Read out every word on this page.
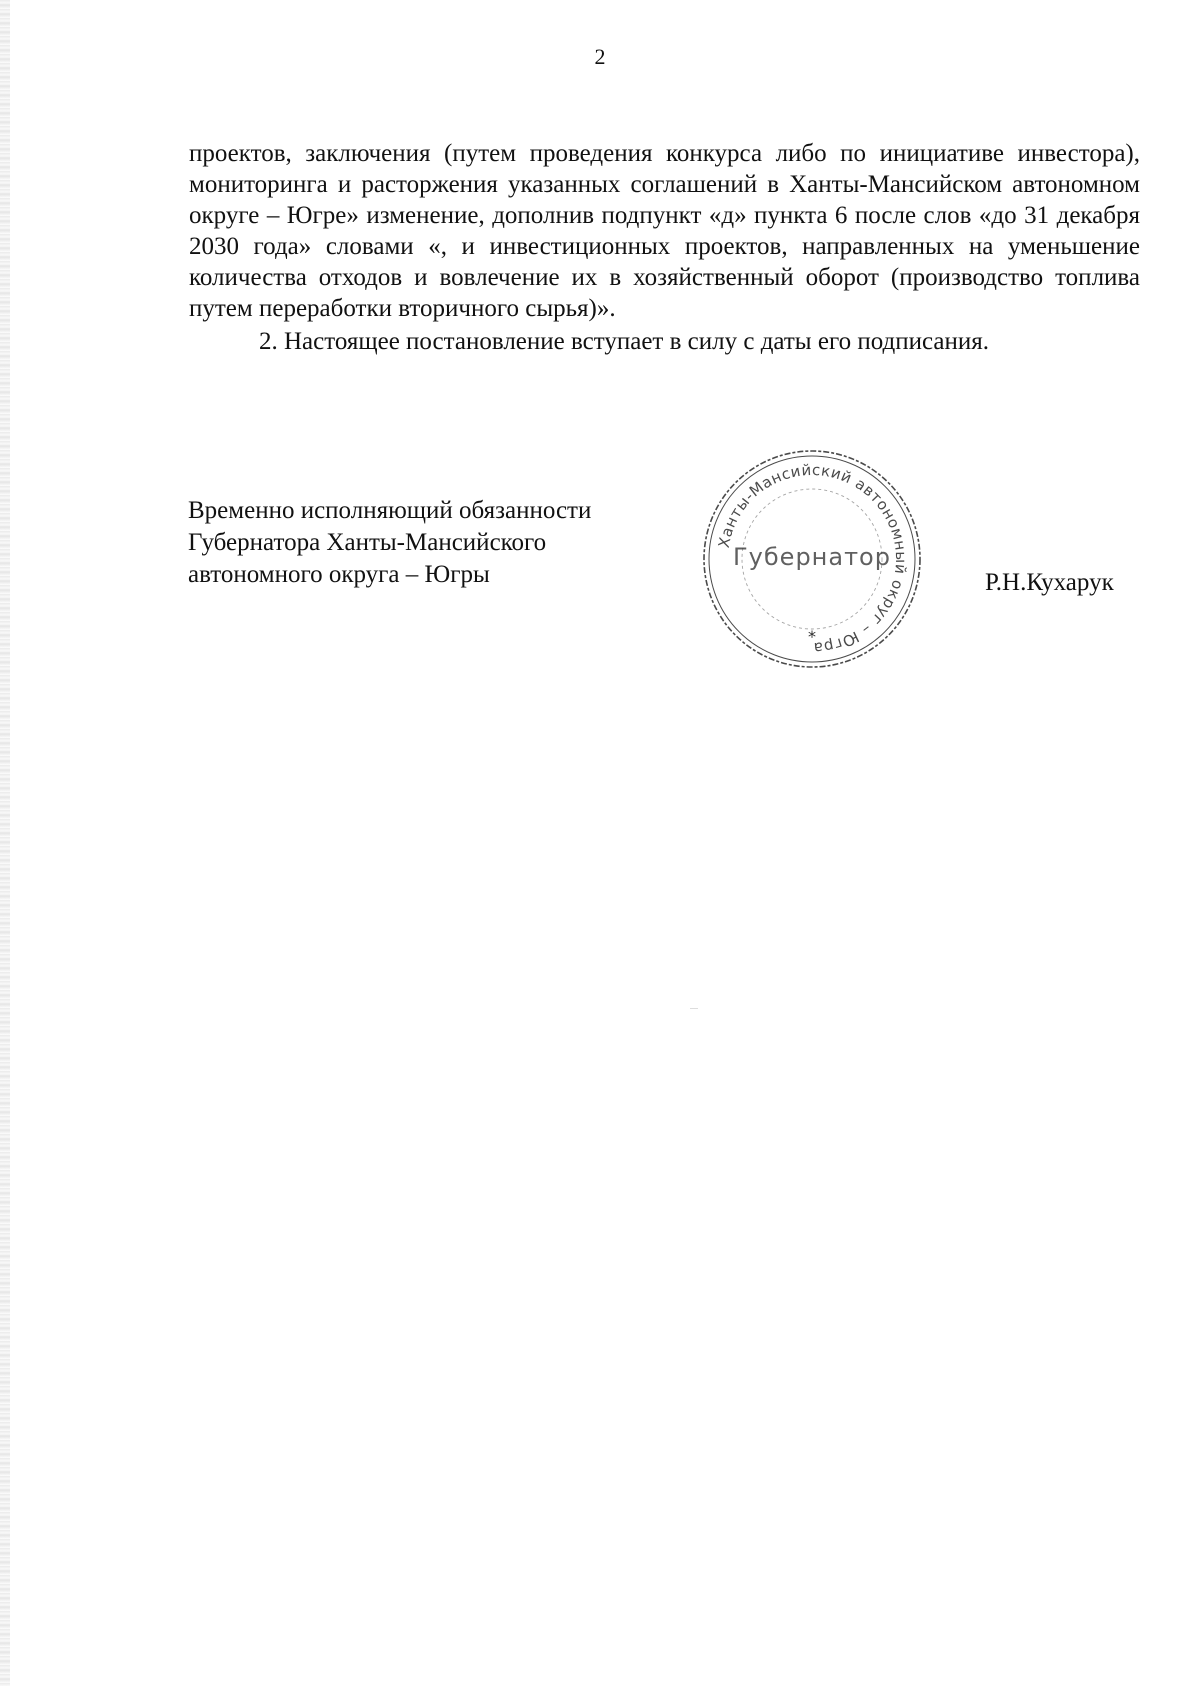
2

проектов, заключения (путем проведения конкурса либо по инициативе инвестора), мониторинга и расторжения указанных соглашений в Ханты-Мансийском автономном округе – Югре» изменение, дополнив подпункт «д» пункта 6 после слов «до 31 декабря 2030 года» словами «, и инвестиционных проектов, направленных на уменьшение количества отходов и вовлечение их в хозяйственный оборот (производство топлива путем переработки вторичного сырья)».

2. Настоящее постановление вступает в силу с даты его подписания.

Временно исполняющий обязанности
Губернатора Ханты-Мансийского
автономного округа – Югры
Ханты-Мансийский автономный округ – Югра
Губернатор
*
Р.Н.Кухарук
